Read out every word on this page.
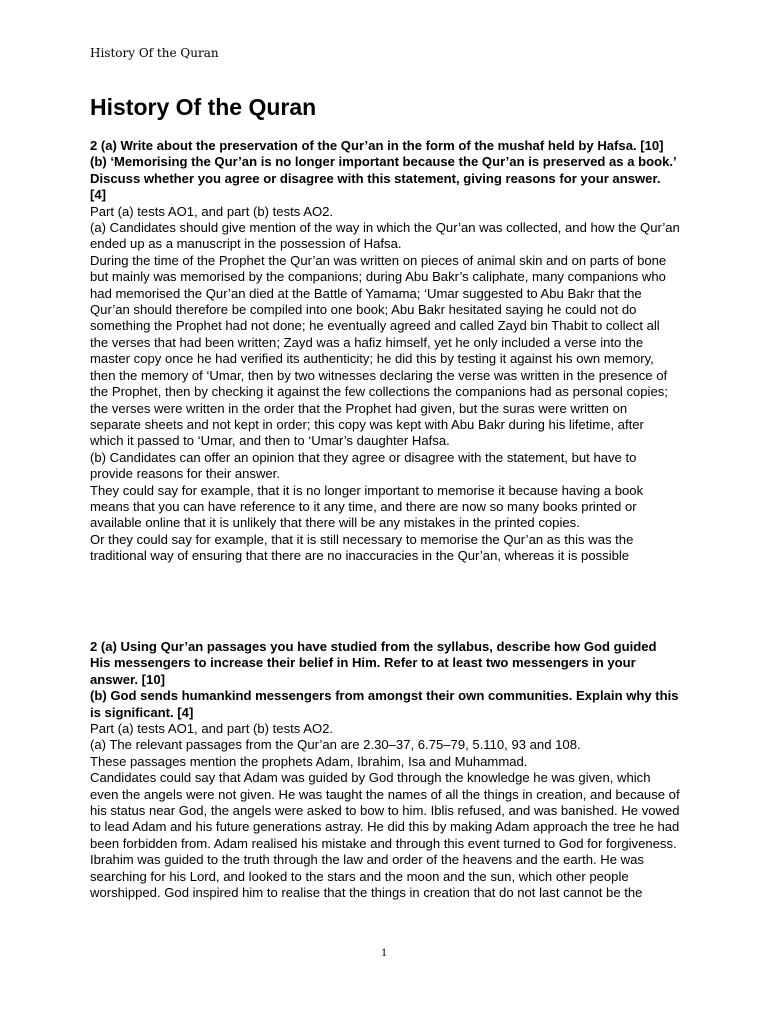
History Of the Quran
History Of the Quran

2 (a) Write about the preservation of the Qur’an in the form of the mushaf held by Hafsa. [10]

(b) ‘Memorising the Qur’an is no longer important because the Qur’an is preserved as a book.’ Discuss whether you agree or disagree with this statement, giving reasons for your answer. [4]

Part (a) tests AO1, and part (b) tests AO2.

(a) Candidates should give mention of the way in which the Qur’an was collected, and how the Qur’an ended up as a manuscript in the possession of Hafsa.

During the time of the Prophet the Qur’an was written on pieces of animal skin and on parts of bone but mainly was memorised by the companions; during Abu Bakr’s caliphate, many companions who had memorised the Qur’an died at the Battle of Yamama; ‘Umar suggested to Abu Bakr that the Qur’an should therefore be compiled into one book; Abu Bakr hesitated saying he could not do something the Prophet had not done; he eventually agreed and called Zayd bin Thabit to collect all the verses that had been written; Zayd was a hafiz himself, yet he only included a verse into the master copy once he had verified its authenticity; he did this by testing it against his own memory, then the memory of ‘Umar, then by two witnesses declaring the verse was written in the presence of the Prophet, then by checking it against the few collections the companions had as personal copies; the verses were written in the order that the Prophet had given, but the suras were written on separate sheets and not kept in order; this copy was kept with Abu Bakr during his lifetime, after which it passed to ‘Umar, and then to ‘Umar’s daughter Hafsa.

(b) Candidates can offer an opinion that they agree or disagree with the statement, but have to provide reasons for their answer.

They could say for example, that it is no longer important to memorise it because having a book means that you can have reference to it any time, and there are now so many books printed or available online that it is unlikely that there will be any mistakes in the printed copies.

Or they could say for example, that it is still necessary to memorise the Qur’an as this was the traditional way of ensuring that there are no inaccuracies in the Qur’an, whereas it is possible

2 (a) Using Qur’an passages you have studied from the syllabus, describe how God guided His messengers to increase their belief in Him. Refer to at least two messengers in your answer. [10]

(b) God sends humankind messengers from amongst their own communities. Explain why this is significant. [4]

Part (a) tests AO1, and part (b) tests AO2.

(a) The relevant passages from the Qur’an are 2.30–37, 6.75–79, 5.110, 93 and 108.

These passages mention the prophets Adam, Ibrahim, Isa and Muhammad.

Candidates could say that Adam was guided by God through the knowledge he was given, which even the angels were not given. He was taught the names of all the things in creation, and because of his status near God, the angels were asked to bow to him. Iblis refused, and was banished. He vowed to lead Adam and his future generations astray. He did this by making Adam approach the tree he had been forbidden from. Adam realised his mistake and through this event turned to God for forgiveness.

Ibrahim was guided to the truth through the law and order of the heavens and the earth. He was searching for his Lord, and looked to the stars and the moon and the sun, which other people worshipped. God inspired him to realise that the things in creation that do not last cannot be the

1
